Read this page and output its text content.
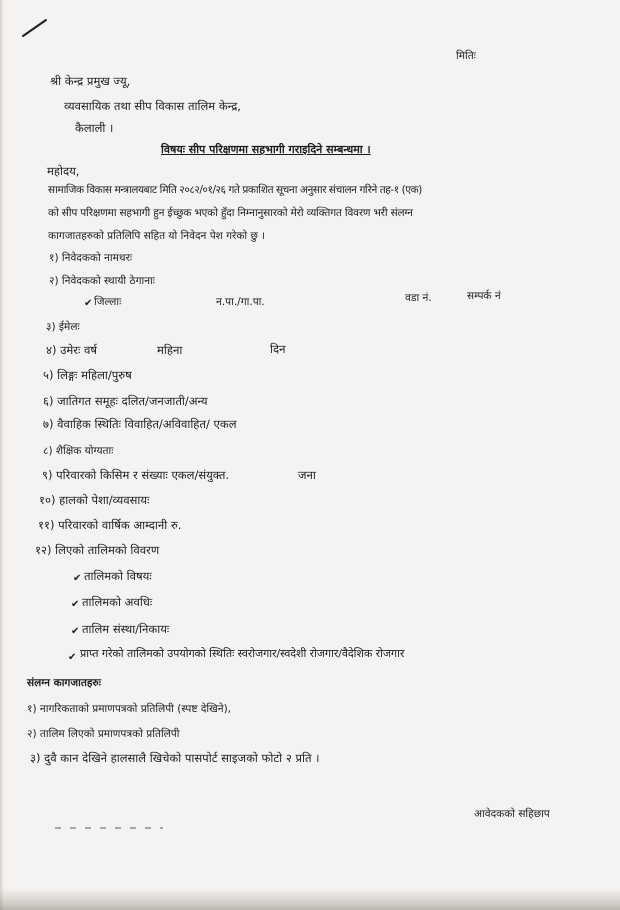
मितिः
श्री केन्द्र प्रमुख ज्यू,
व्यवसायिक तथा सीप विकास तालिम केन्द्र,
कैलाली ।
विषयः सीप परिक्षणमा सहभागी गराइदिने सम्बन्धमा ।
महोदय,
सामाजिक विकास मन्त्रालयबाट मिति २०८२/०१/२६ गते प्रकाशित सूचना अनुसार संचालन गरिने तह-१ (एक)
को सीप परिक्षणमा सहभागी हुन ईच्छुक भएको हुँदा निम्नानुसारको मेरो व्यक्तिगत विवरण भरी संलग्न
कागजातहरुको प्रतिलिपि सहित यो निवेदन पेश गरेको छु ।
१) निवेदकको नामथरः
२) निवेदकको स्थायी ठेगानाः
✔ जिल्लाः	न.पा./गा.पा.	वडा नं.	सम्पर्क नं
३) ईमेलः
४) उमेरः वर्ष	महिना	दिन
५) लिङ्गः महिला/पुरुष
६) जातिगत समूहः दलित/जनजाती/अन्य
७) वैवाहिक स्थितिः विवाहित/अविवाहित/ एकल
८) शैक्षिक योग्यताः
९) परिवारको किसिम र संख्याः एकल/संयुक्त.	जना
१०) हालको पेशा/व्यवसायः
११) परिवारको वार्षिक आम्दानी रु.
१२) लिएको तालिमको विवरण
✔ तालिमको विषयः
✔ तालिमको अवधिः
✔ तालिम संस्था/निकायः
✔ प्राप्त गरेको तालिमको उपयोगको स्थितिः स्वरोजगार/स्वदेशी रोजगार/वैदेशिक रोजगार
संलग्न कागजातहरुः
१) नागरिकताको प्रमाणपत्रको प्रतिलिपी (स्पष्ट देखिने),
२) तालिम लिएको प्रमाणपत्रको प्रतिलिपी
३) दुवै कान देखिने हालसालै खिचेको पासपोर्ट साइजको फोटो २ प्रति ।
आवेदकको सहिछाप
